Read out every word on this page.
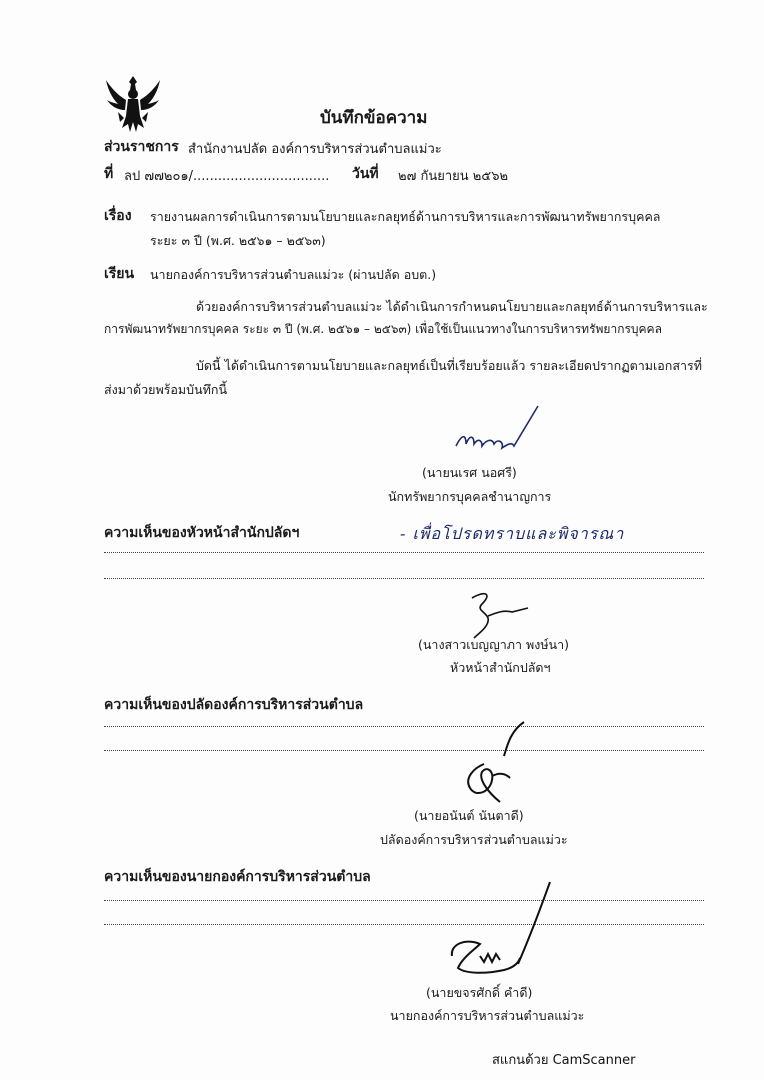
บันทึกข้อความ
ส่วนราชการ สำนักงานปลัด องค์การบริหารส่วนตำบลแม่วะ
ที่ ลป ๗๗๒๐๑/................................. วันที่ ๒๗ กันยายน ๒๕๖๒
เรื่อง รายงานผลการดำเนินการตามนโยบายและกลยุทธ์ด้านการบริหารและการพัฒนาทรัพยากรบุคคล
ระยะ ๓ ปี (พ.ศ. ๒๕๖๑ – ๒๕๖๓)
เรียน นายกองค์การบริหารส่วนตำบลแม่วะ (ผ่านปลัด อบต.)
ด้วยองค์การบริหารส่วนตำบลแม่วะ ได้ดำเนินการกำหนดนโยบายและกลยุทธ์ด้านการบริหารและ
การพัฒนาทรัพยากรบุคคล ระยะ ๓ ปี (พ.ศ. ๒๕๖๑ – ๒๕๖๓) เพื่อใช้เป็นแนวทางในการบริหารทรัพยากรบุคคล
บัดนี้ ได้ดำเนินการตามนโยบายและกลยุทธ์เป็นที่เรียบร้อยแล้ว รายละเอียดปรากฏตามเอกสารที่
ส่งมาด้วยพร้อมบันทึกนี้
(นายนเรศ นอศรี)
นักทรัพยากรบุคคลชำนาญการ
ความเห็นของหัวหน้าสำนักปลัดฯ	- เพื่อโปรดทราบและพิจารณา
(นางสาวเบญญาภา พงษ์นา)
หัวหน้าสำนักปลัดฯ
ความเห็นของปลัดองค์การบริหารส่วนตำบล
(นายอนันต์ นันตาดี)
ปลัดองค์การบริหารส่วนตำบลแม่วะ
ความเห็นของนายกองค์การบริหารส่วนตำบล
(นายขจรศักดิ์ คำดี)
นายกองค์การบริหารส่วนตำบลแม่วะ
สแกนด้วย CamScanner
